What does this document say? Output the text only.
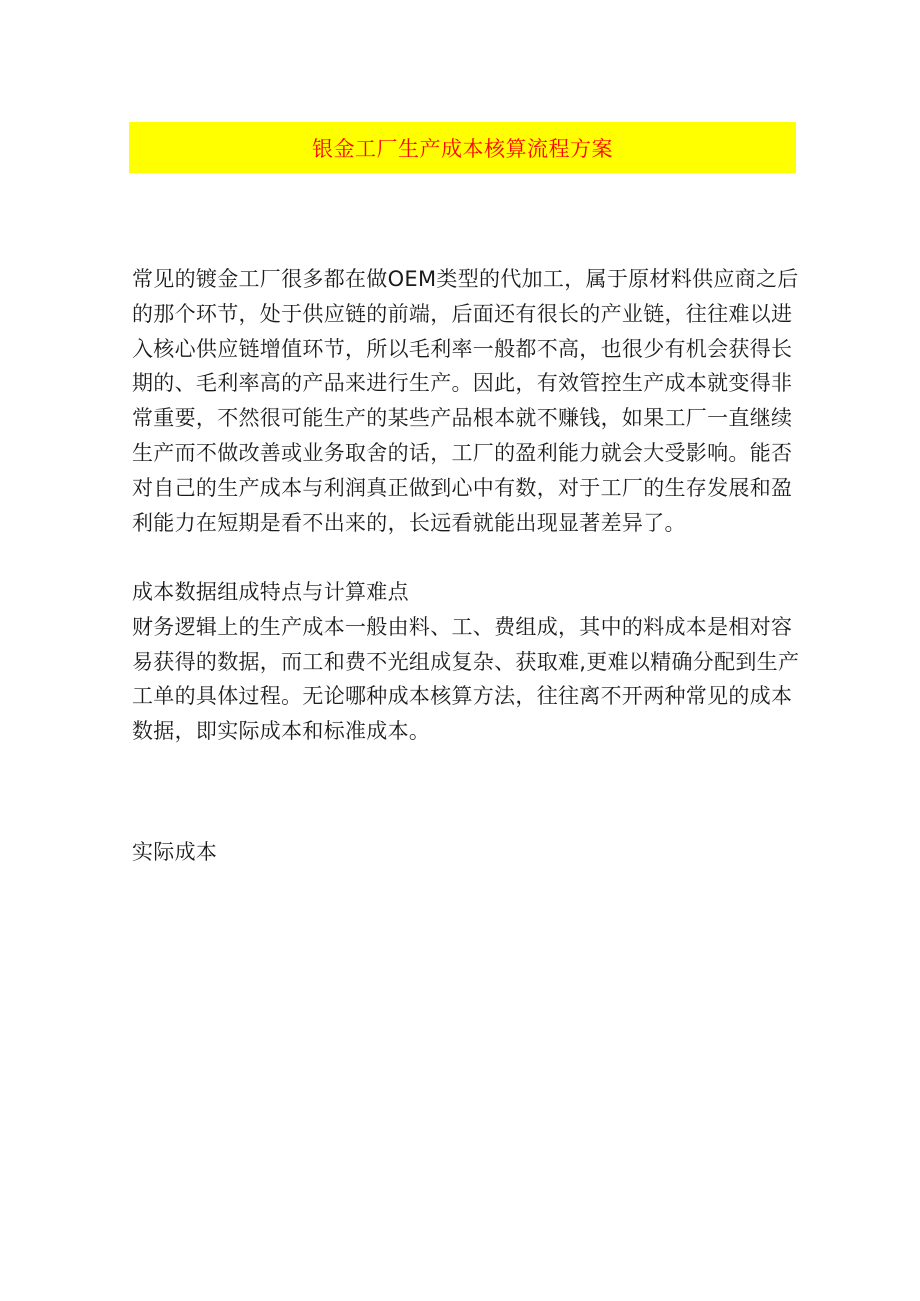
银金工厂生产成本核算流程方案

常见的镀金工厂很多都在做OEM类型的代加工，属于原材料供应商之后的那个环节，处于供应链的前端，后面还有很长的产业链，往往难以进入核心供应链增值环节，所以毛利率一般都不高，也很少有机会获得长期的、毛利率高的产品来进行生产。因此，有效管控生产成本就变得非常重要，不然很可能生产的某些产品根本就不赚钱，如果工厂一直继续生产而不做改善或业务取舍的话，工厂的盈利能力就会大受影响。能否对自己的生产成本与利润真正做到心中有数，对于工厂的生存发展和盈利能力在短期是看不出来的，长远看就能出现显著差异了。

成本数据组成特点与计算难点

财务逻辑上的生产成本一般由料、工、费组成，其中的料成本是相对容易获得的数据，而工和费不光组成复杂、获取难,更难以精确分配到生产工单的具体过程。无论哪种成本核算方法，往往离不开两种常见的成本数据，即实际成本和标准成本。

实际成本
